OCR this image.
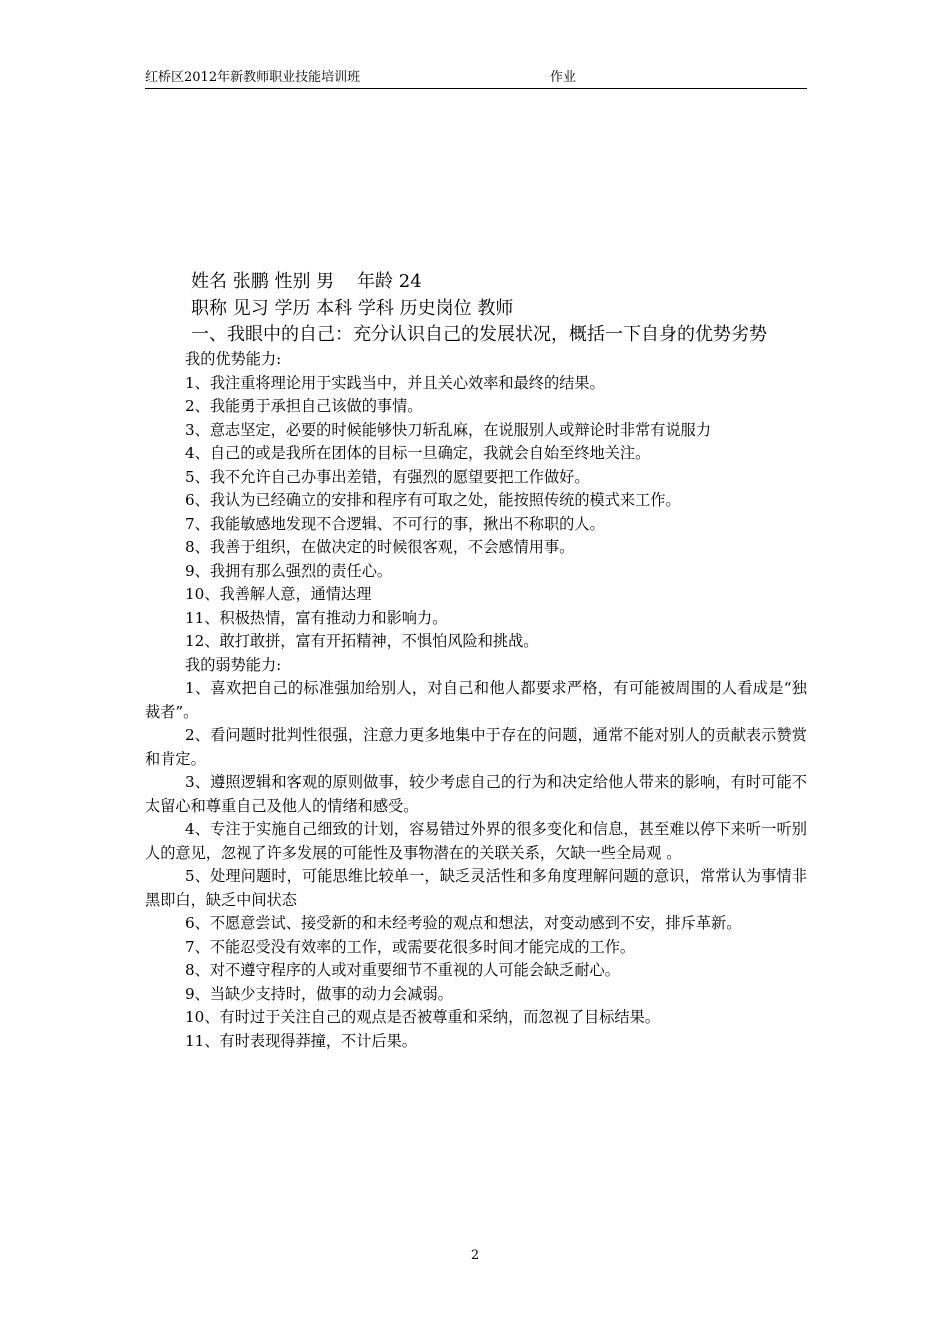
红桥区2012年新教师职业技能培训班	作业

姓名 张鹏 性别 男    年龄 24

职称 见习 学历 本科 学科 历史岗位 教师

一、我眼中的自己：充分认识自己的发展状况，概括一下自身的优势劣势

我的优势能力:

1、我注重将理论用于实践当中，并且关心效率和最终的结果。

2、我能勇于承担自己该做的事情。

3、意志坚定，必要的时候能够快刀斩乱麻，在说服别人或辩论时非常有说服力

4、自己的或是我所在团体的目标一旦确定，我就会自始至终地关注。

5、我不允许自己办事出差错，有强烈的愿望要把工作做好。

6、我认为已经确立的安排和程序有可取之处，能按照传统的模式来工作。

7、我能敏感地发现不合逻辑、不可行的事，揪出不称职的人。

8、我善于组织，在做决定的时候很客观，不会感情用事。

9、我拥有那么强烈的责任心。

10、我善解人意，通情达理

11、积极热情，富有推动力和影响力。

12、敢打敢拼，富有开拓精神，不惧怕风险和挑战。

我的弱势能力:

1、喜欢把自己的标准强加给别人，对自己和他人都要求严格，有可能被周围的人看成是“独裁者”。

2、看问题时批判性很强，注意力更多地集中于存在的问题，通常不能对别人的贡献表示赞赏和肯定。

3、遵照逻辑和客观的原则做事，较少考虑自己的行为和决定给他人带来的影响，有时可能不太留心和尊重自己及他人的情绪和感受。

4、专注于实施自己细致的计划，容易错过外界的很多变化和信息，甚至难以停下来听一听别人的意见，忽视了许多发展的可能性及事物潜在的关联关系，欠缺一些全局观 。

5、处理问题时，可能思维比较单一，缺乏灵活性和多角度理解问题的意识，常常认为事情非黑即白，缺乏中间状态

6、不愿意尝试、接受新的和未经考验的观点和想法，对变动感到不安，排斥革新。

7、不能忍受没有效率的工作，或需要花很多时间才能完成的工作。

8、对不遵守程序的人或对重要细节不重视的人可能会缺乏耐心。

9、当缺少支持时，做事的动力会减弱。

10、有时过于关注自己的观点是否被尊重和采纳，而忽视了目标结果。

11、有时表现得莽撞，不计后果。

2
